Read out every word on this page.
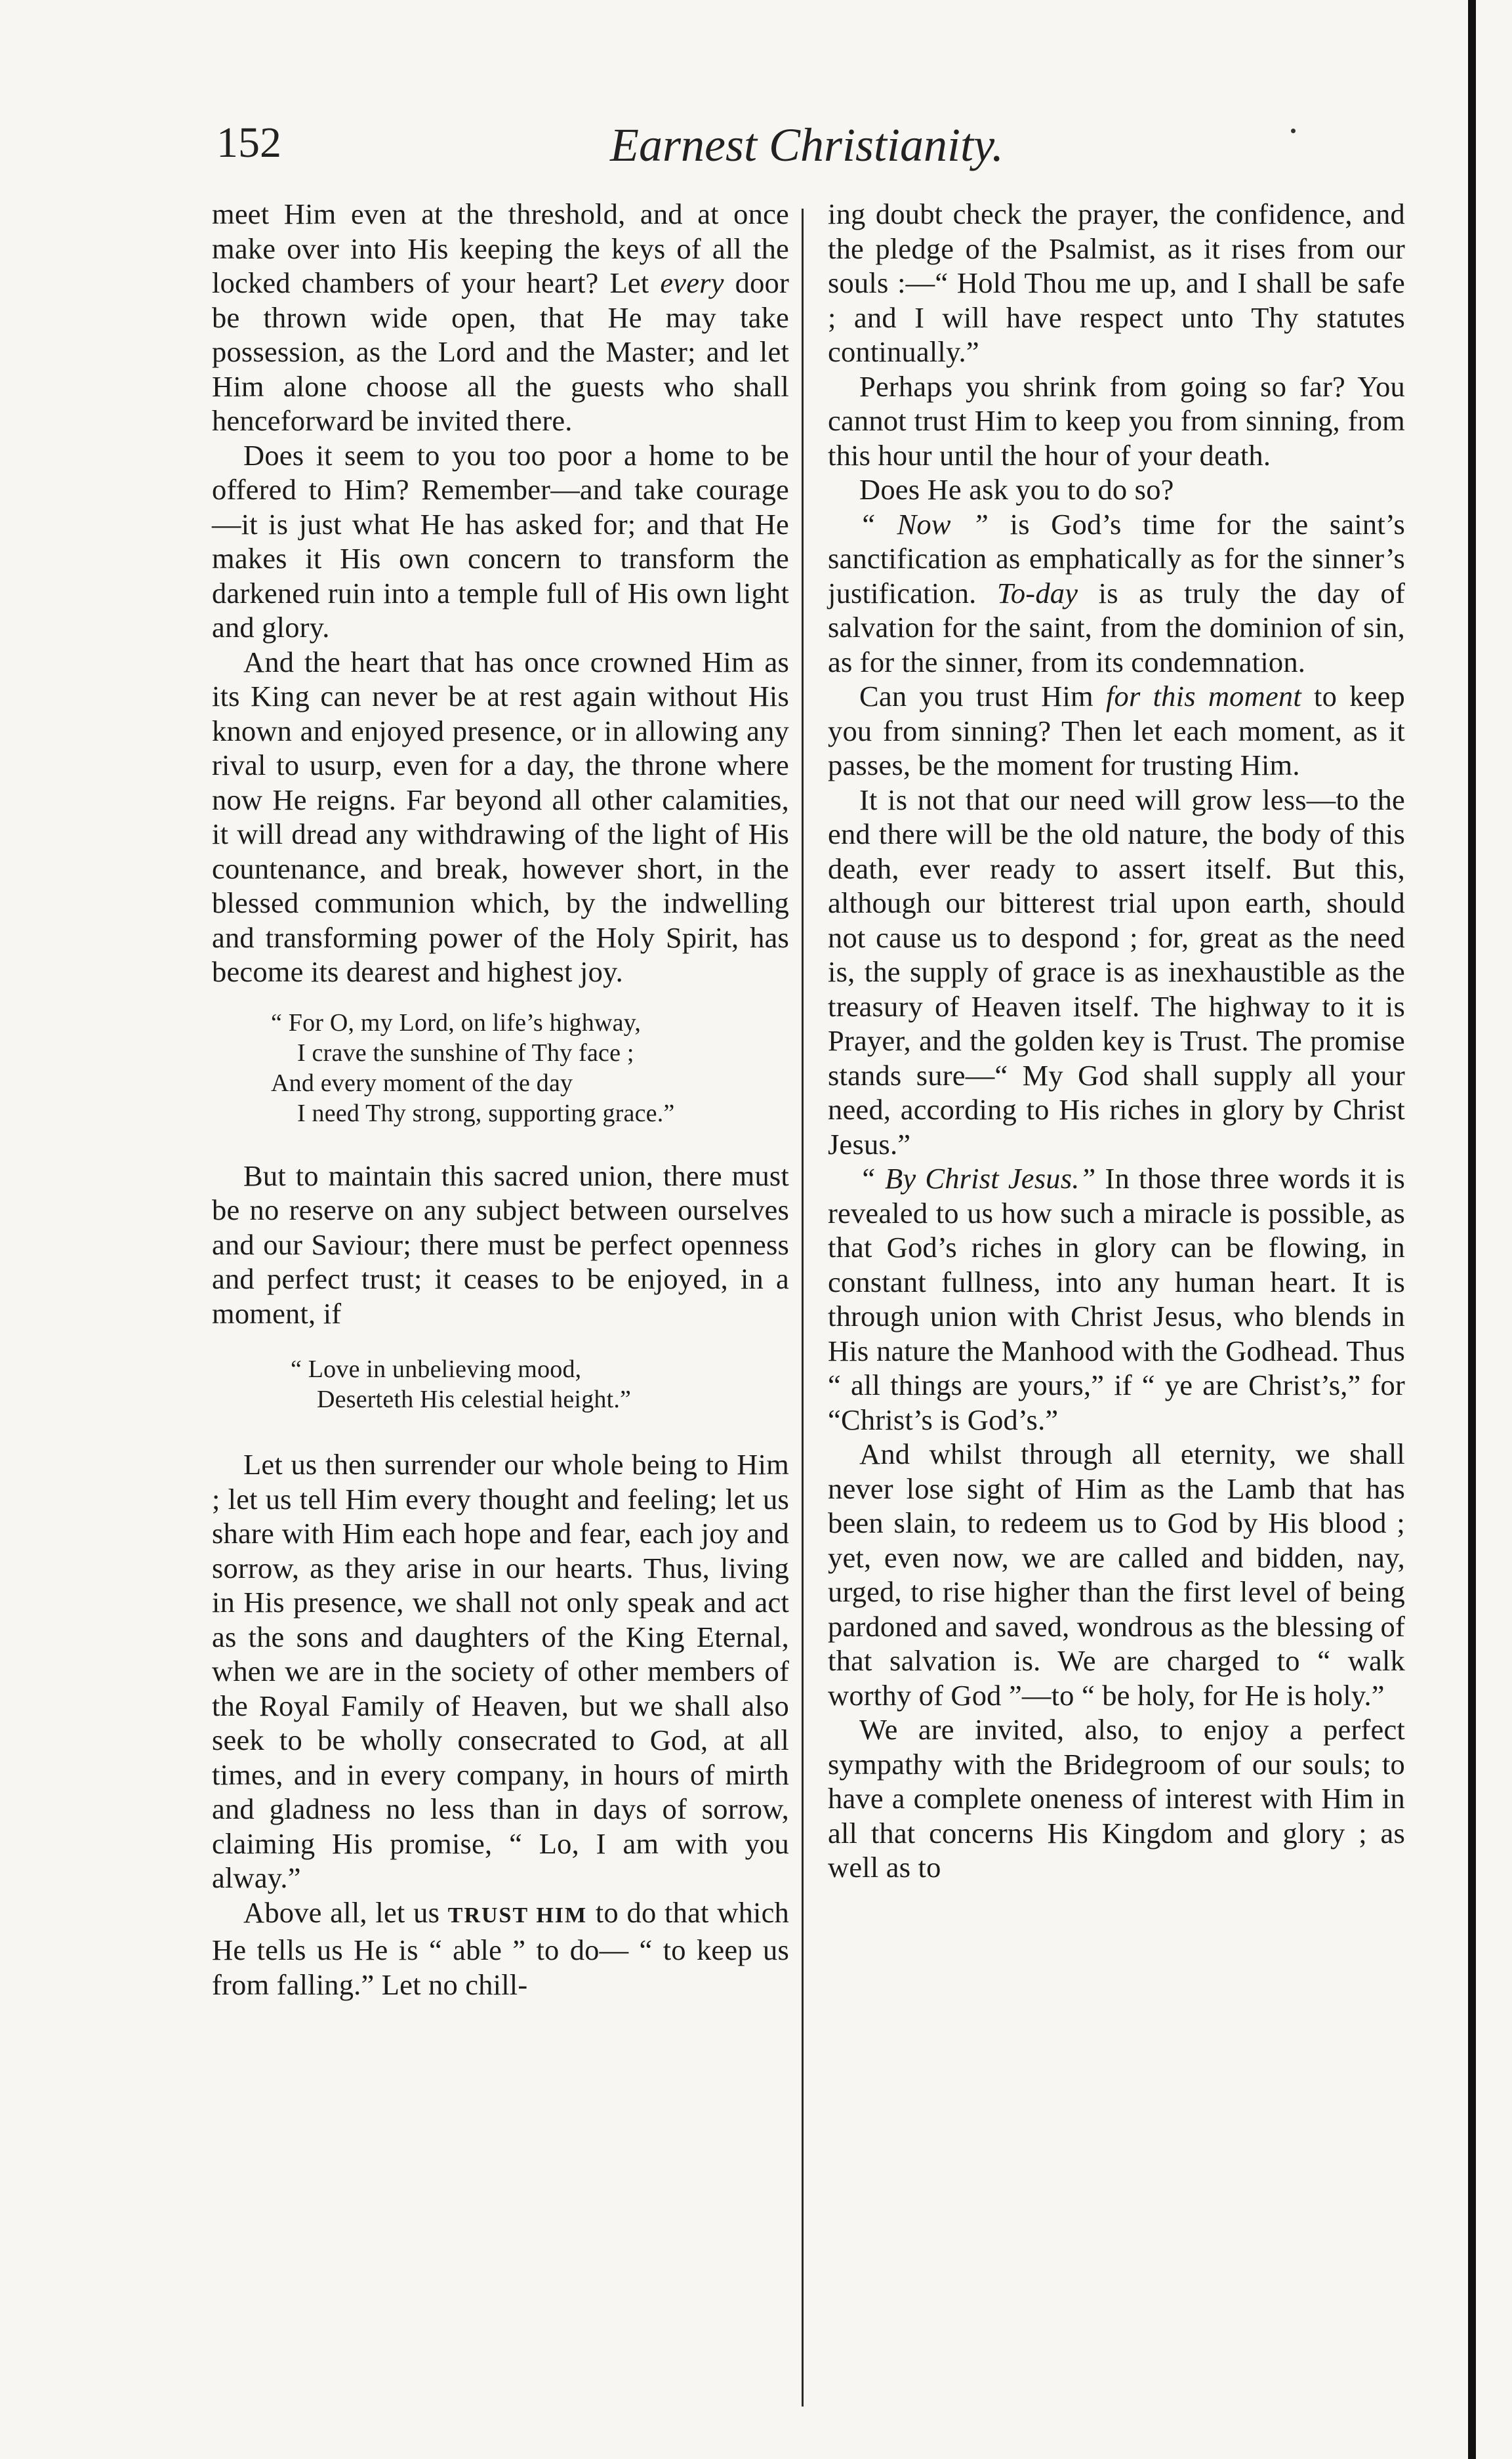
152	Earnest Christianity.

meet Him even at the threshold, and at once make over into His keeping the keys of all the locked chambers of your heart? Let every door be thrown wide open, that He may take possession, as the Lord and the Master; and let Him alone choose all the guests who shall henceforward be invited there.

Does it seem to you too poor a home to be offered to Him? Remember—and take courage—it is just what He has asked for; and that He makes it His own concern to transform the darkened ruin into a temple full of His own light and glory.

And the heart that has once crowned Him as its King can never be at rest again without His known and enjoyed presence, or in allowing any rival to usurp, even for a day, the throne where now He reigns. Far beyond all other calamities, it will dread any withdrawing of the light of His countenance, and break, however short, in the blessed communion which, by the indwelling and transforming power of the Holy Spirit, has become its dearest and highest joy.

“ For O, my Lord, on life’s highway,
I crave the sunshine of Thy face ;
And every moment of the day
I need Thy strong, supporting grace.”

But to maintain this sacred union, there must be no reserve on any subject between ourselves and our Saviour; there must be perfect openness and perfect trust; it ceases to be enjoyed, in a moment, if

“ Love in unbelieving mood,
Deserteth His celestial height.”

Let us then surrender our whole being to Him ; let us tell Him every thought and feeling; let us share with Him each hope and fear, each joy and sorrow, as they arise in our hearts. Thus, living in His presence, we shall not only speak and act as the sons and daughters of the King Eternal, when we are in the society of other members of the Royal Family of Heaven, but we shall also seek to be wholly consecrated to God, at all times, and in every company, in hours of mirth and gladness no less than in days of sorrow, claiming His promise, “ Lo, I am with you alway.”

Above all, let us TRUST HIM to do that which He tells us He is “ able ” to do— “ to keep us from falling.” Let no chill-

ing doubt check the prayer, the confidence, and the pledge of the Psalmist, as it rises from our souls :—“ Hold Thou me up, and I shall be safe ; and I will have respect unto Thy statutes continually.”

Perhaps you shrink from going so far? You cannot trust Him to keep you from sinning, from this hour until the hour of your death.

Does He ask you to do so?

“ Now ” is God’s time for the saint’s sanctification as emphatically as for the sinner’s justification. To-day is as truly the day of salvation for the saint, from the dominion of sin, as for the sinner, from its condemnation.

Can you trust Him for this moment to keep you from sinning? Then let each moment, as it passes, be the moment for trusting Him.

It is not that our need will grow less—to the end there will be the old nature, the body of this death, ever ready to assert itself. But this, although our bitterest trial upon earth, should not cause us to despond ; for, great as the need is, the supply of grace is as inexhaustible as the treasury of Heaven itself. The highway to it is Prayer, and the golden key is Trust. The promise stands sure—“ My God shall supply all your need, according to His riches in glory by Christ Jesus.”

“ By Christ Jesus.” In those three words it is revealed to us how such a miracle is possible, as that God’s riches in glory can be flowing, in constant fullness, into any human heart. It is through union with Christ Jesus, who blends in His nature the Manhood with the Godhead. Thus “ all things are yours,” if “ ye are Christ’s,” for “Christ’s is God’s.”

And whilst through all eternity, we shall never lose sight of Him as the Lamb that has been slain, to redeem us to God by His blood ; yet, even now, we are called and bidden, nay, urged, to rise higher than the first level of being pardoned and saved, wondrous as the blessing of that salvation is. We are charged to “ walk worthy of God ”—to “ be holy, for He is holy.”

We are invited, also, to enjoy a perfect sympathy with the Bridegroom of our souls; to have a complete oneness of interest with Him in all that concerns His Kingdom and glory ; as well as to
